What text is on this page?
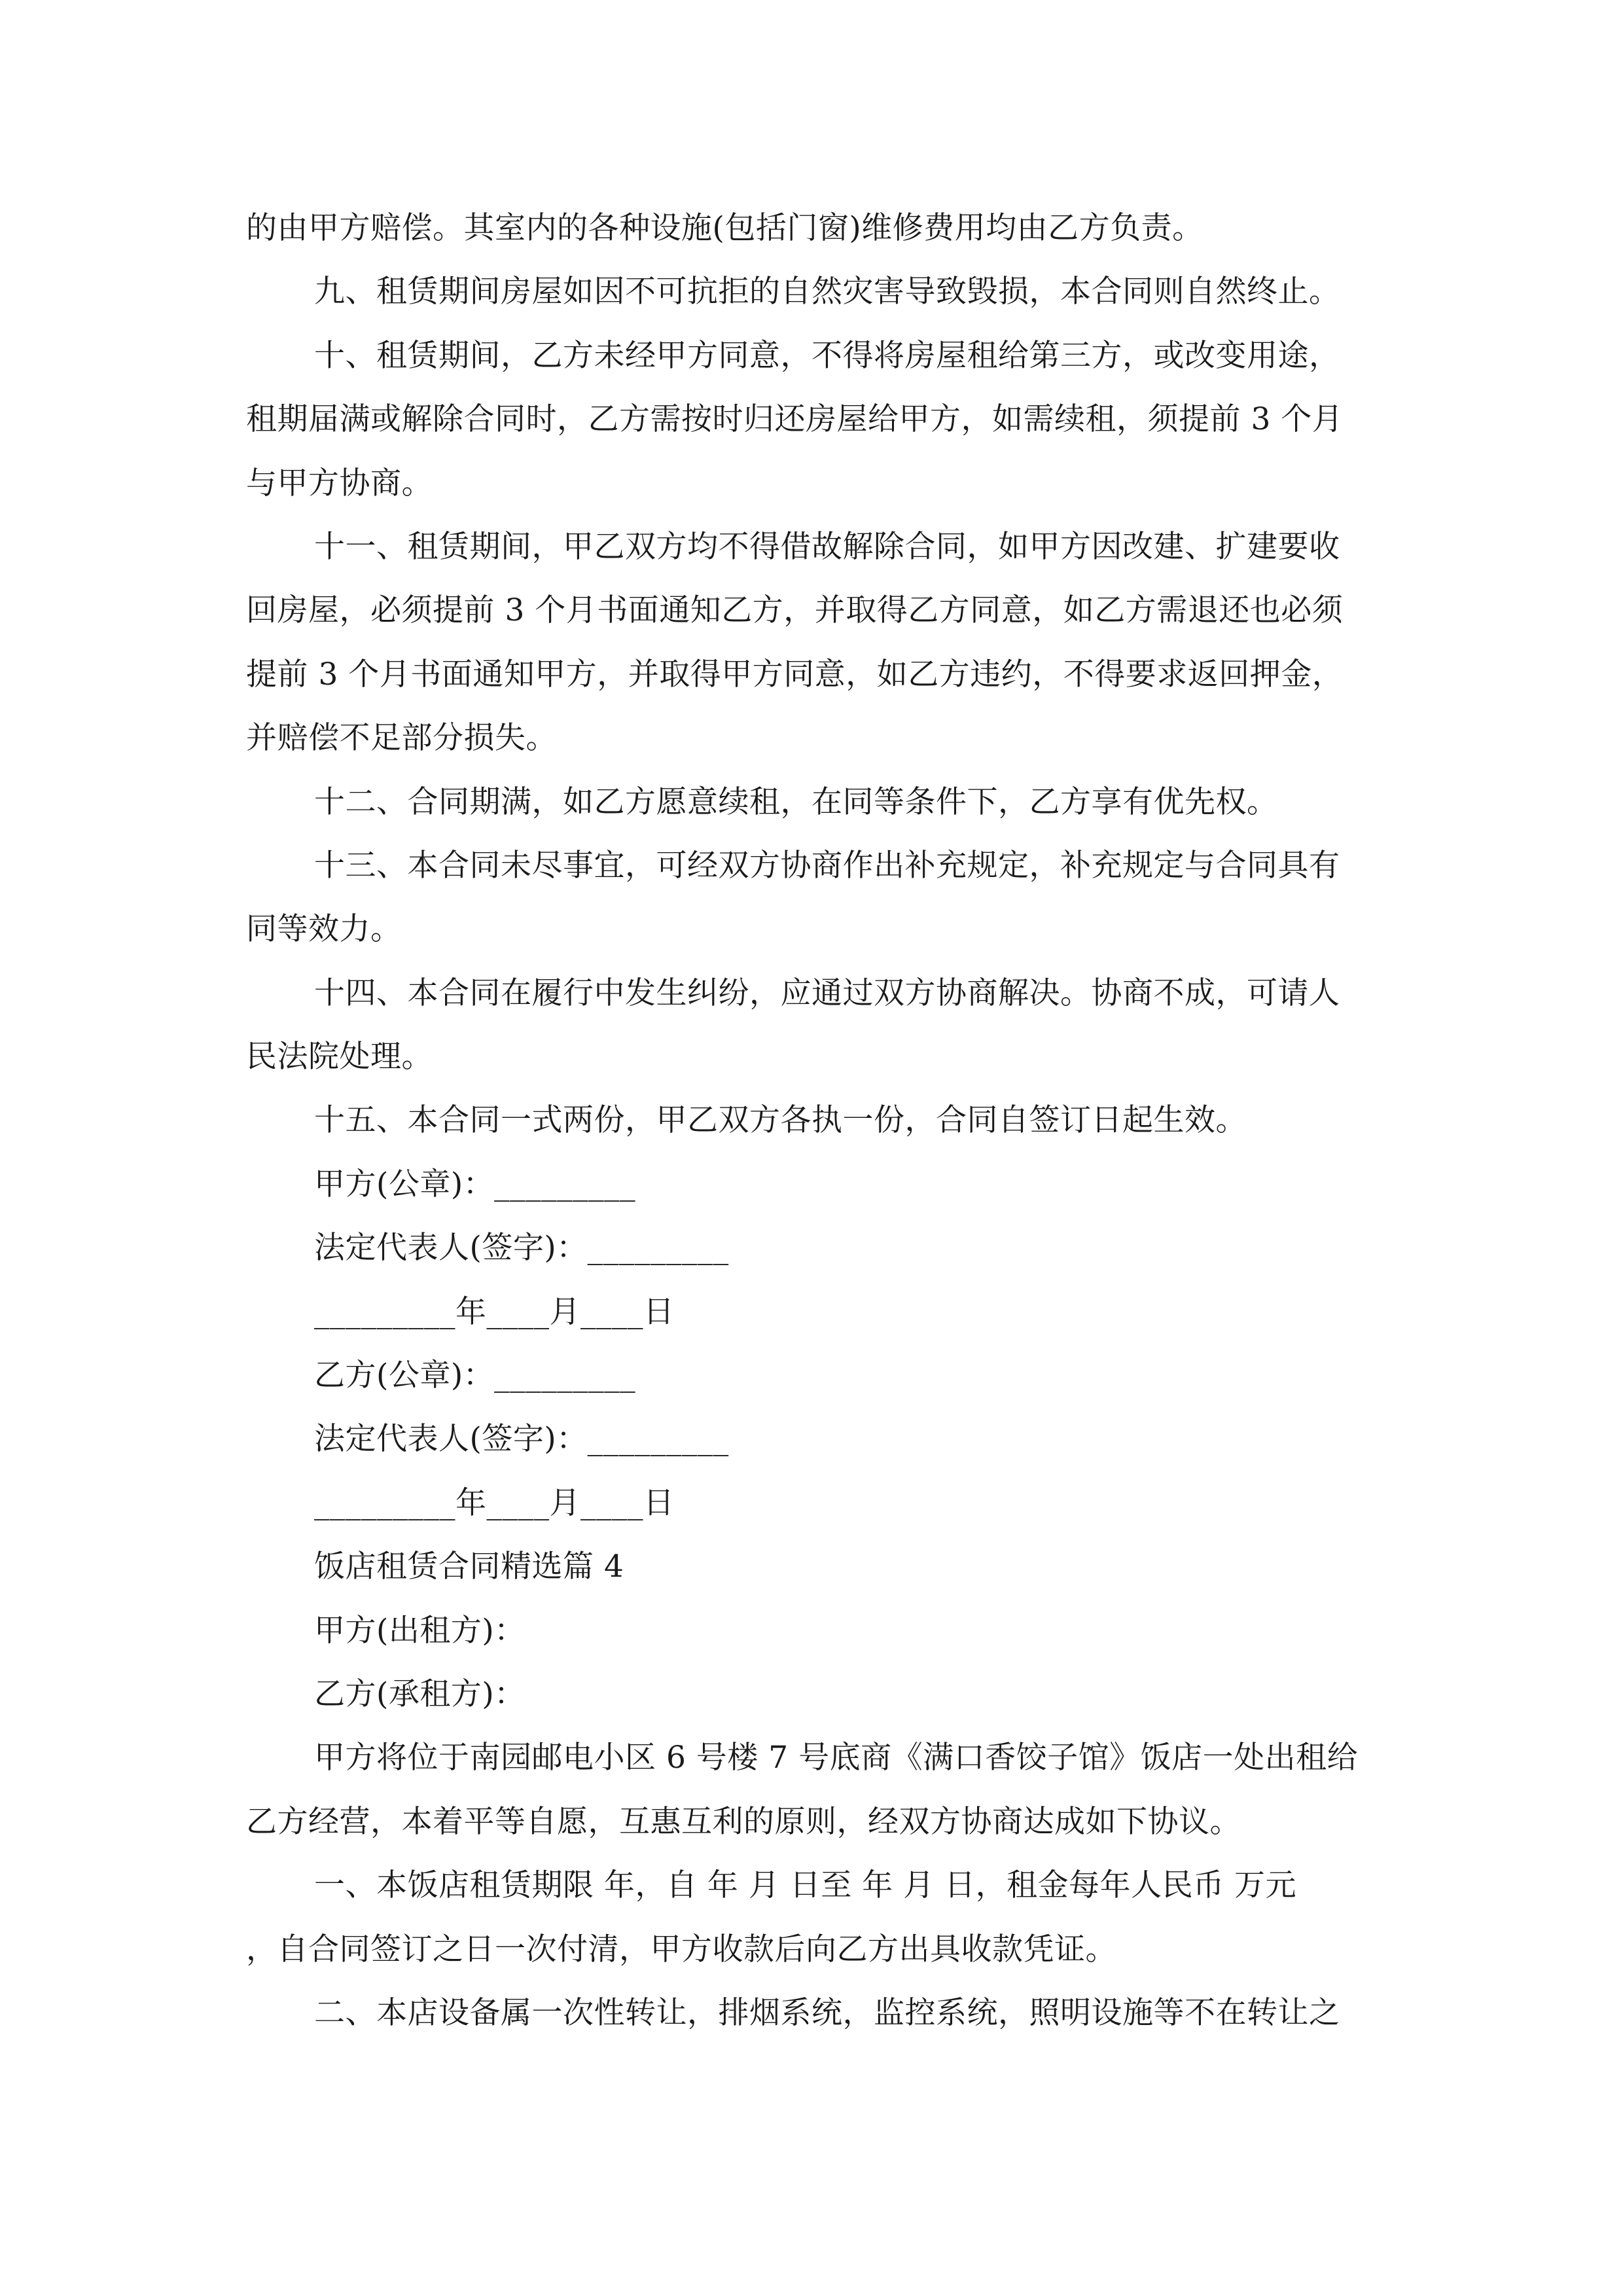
的由甲方赔偿。其室内的各种设施(包括门窗)维修费用均由乙方负责。
九、租赁期间房屋如因不可抗拒的自然灾害导致毁损，本合同则自然终止。
十、租赁期间，乙方未经甲方同意，不得将房屋租给第三方，或改变用途，
租期届满或解除合同时，乙方需按时归还房屋给甲方，如需续租，须提前 3 个月
与甲方协商。
十一、租赁期间，甲乙双方均不得借故解除合同，如甲方因改建、扩建要收
回房屋，必须提前 3 个月书面通知乙方，并取得乙方同意，如乙方需退还也必须
提前 3 个月书面通知甲方，并取得甲方同意，如乙方违约，不得要求返回押金，
并赔偿不足部分损失。
十二、合同期满，如乙方愿意续租，在同等条件下，乙方享有优先权。
十三、本合同未尽事宜，可经双方协商作出补充规定，补充规定与合同具有
同等效力。
十四、本合同在履行中发生纠纷，应通过双方协商解决。协商不成，可请人
民法院处理。
十五、本合同一式两份，甲乙双方各执一份，合同自签订日起生效。
甲方(公章)：_________
法定代表人(签字)：_________
_________年____月____日
乙方(公章)：_________
法定代表人(签字)：_________
_________年____月____日
饭店租赁合同精选篇 4
甲方(出租方)：
乙方(承租方)：
甲方将位于南园邮电小区 6 号楼 7 号底商《满口香饺子馆》饭店一处出租给
乙方经营，本着平等自愿，互惠互利的原则，经双方协商达成如下协议。
一、本饭店租赁期限 年，自 年 月 日至 年 月 日，租金每年人民币 万元
，自合同签订之日一次付清，甲方收款后向乙方出具收款凭证。
二、本店设备属一次性转让，排烟系统，监控系统，照明设施等不在转让之
